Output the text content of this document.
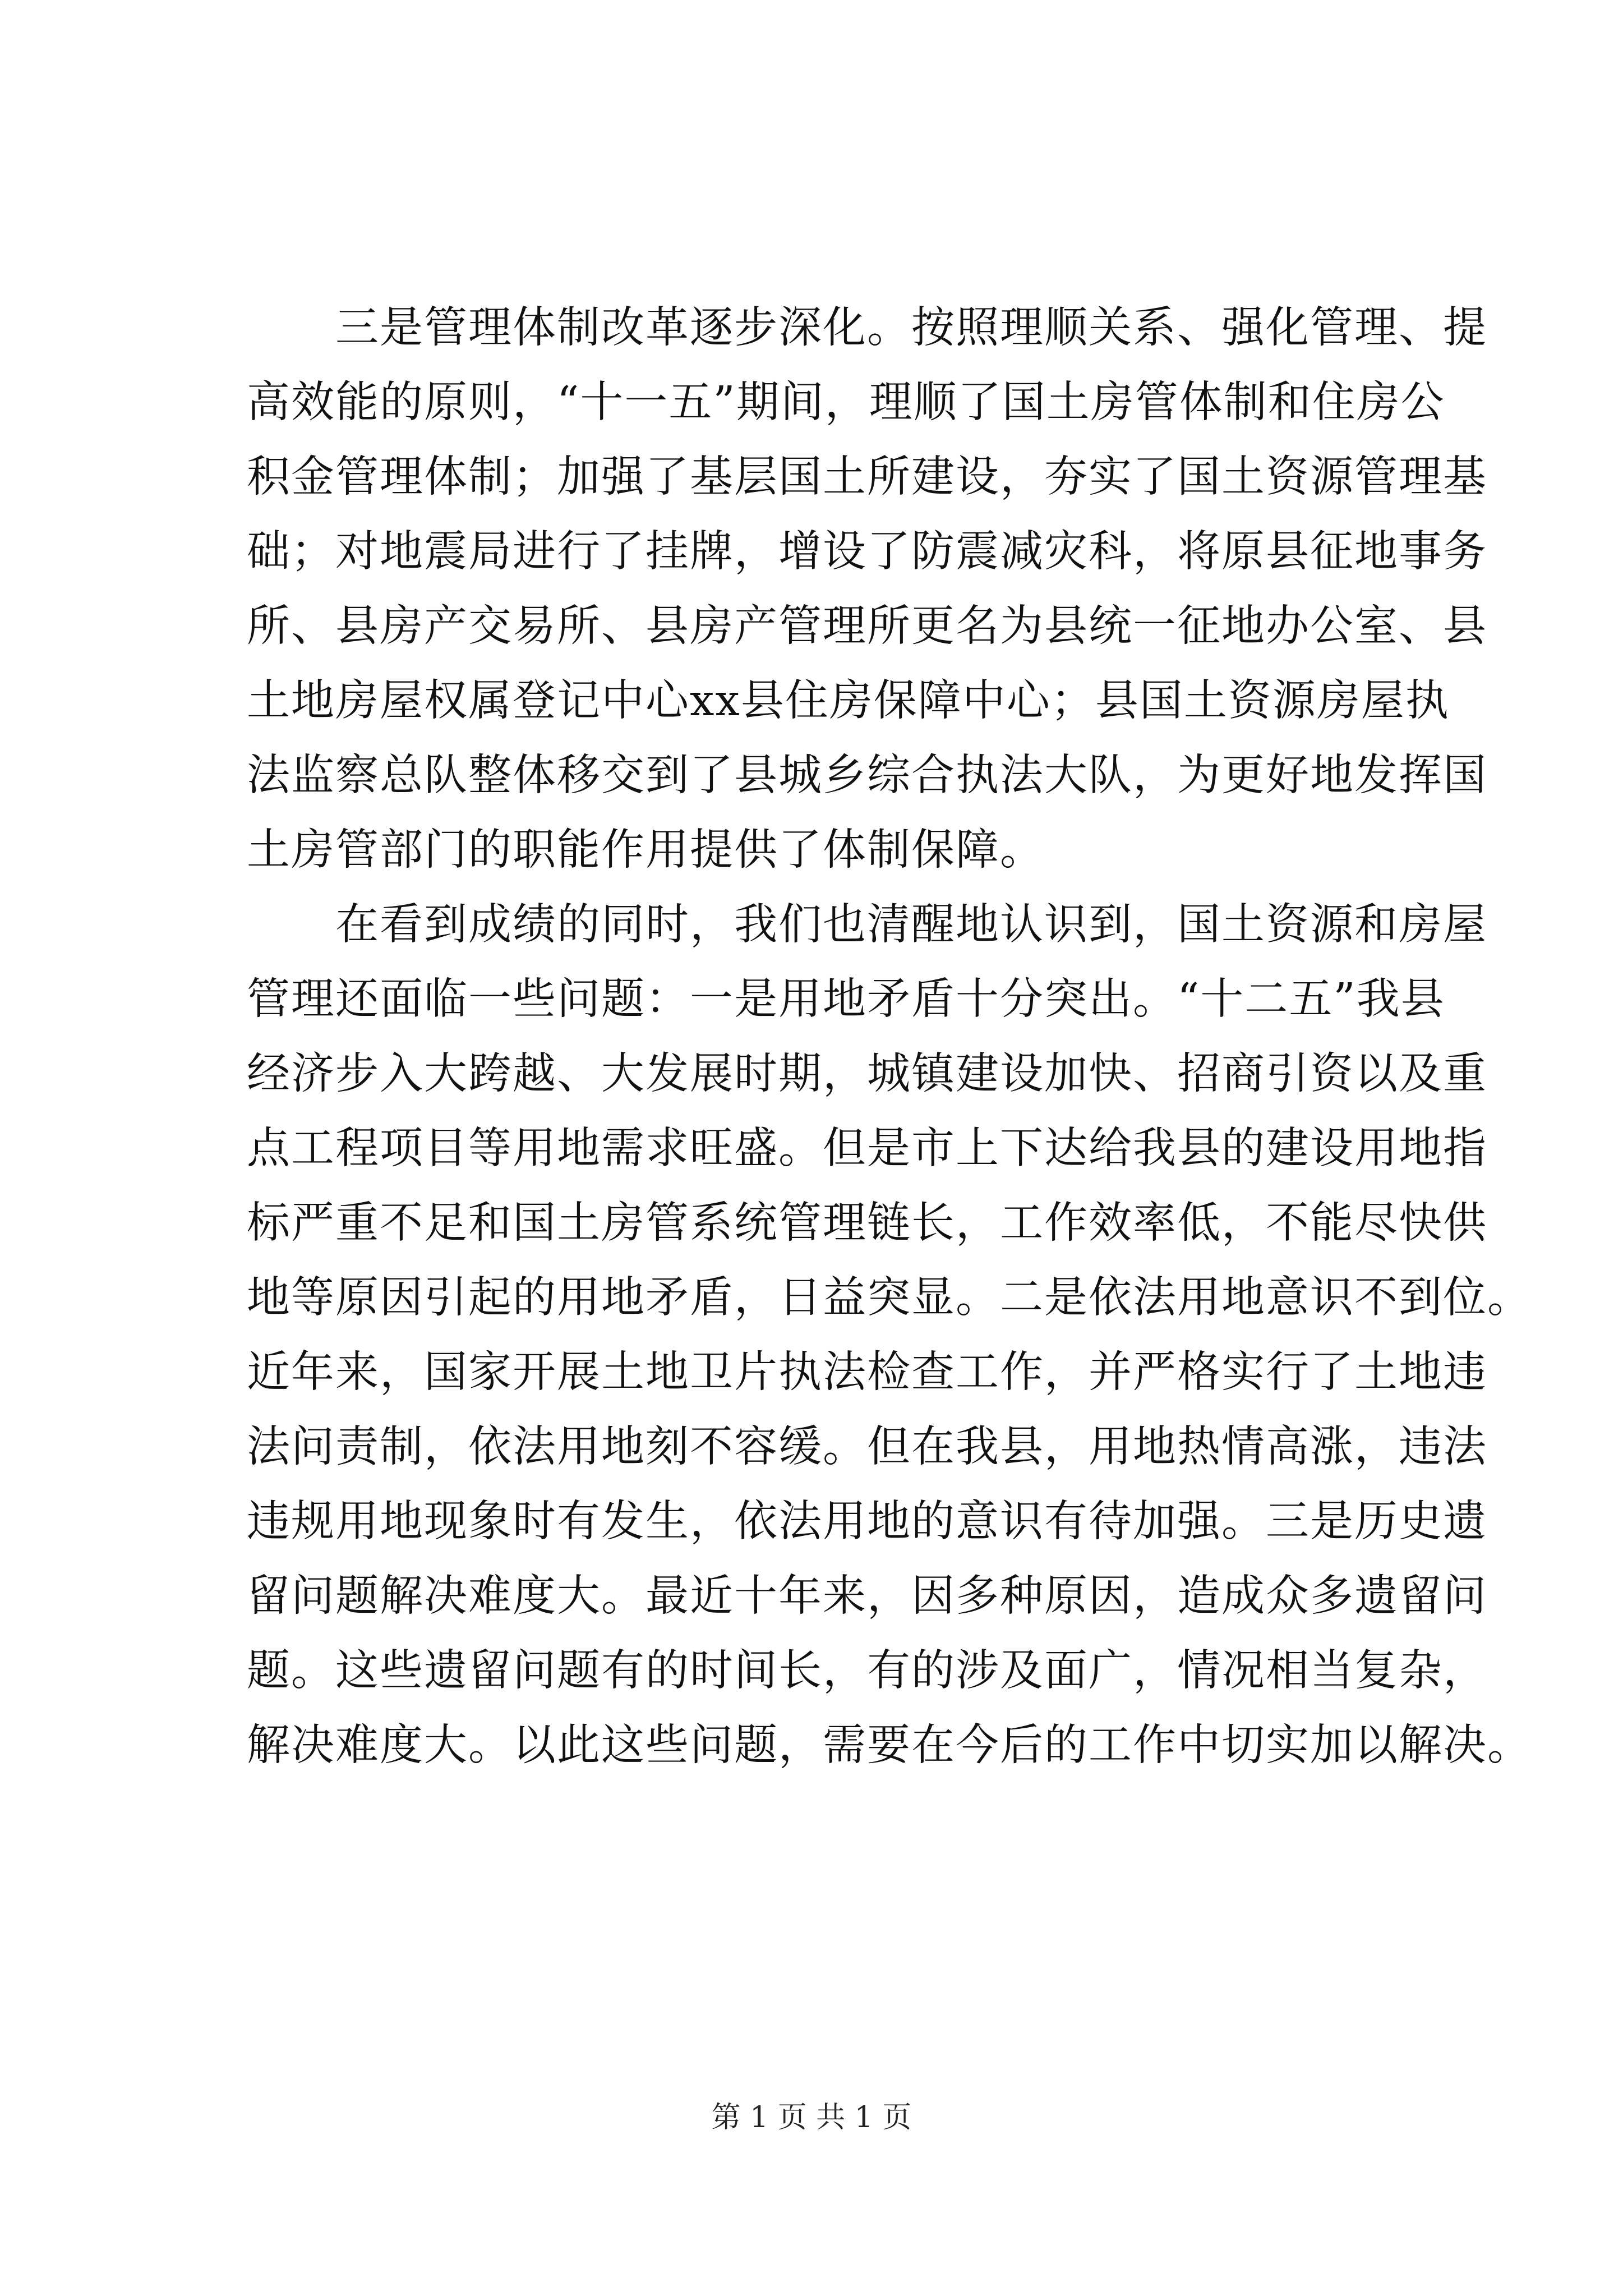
　　三是管理体制改革逐步深化。按照理顺关系、强化管理、提
高效能的原则，“十一五”期间，理顺了国土房管体制和住房公
积金管理体制；加强了基层国土所建设，夯实了国土资源管理基
础；对地震局进行了挂牌，增设了防震减灾科，将原县征地事务
所、县房产交易所、县房产管理所更名为县统一征地办公室、县
土地房屋权属登记中心xx县住房保障中心；县国土资源房屋执
法监察总队整体移交到了县城乡综合执法大队，为更好地发挥国
土房管部门的职能作用提供了体制保障。
　　在看到成绩的同时，我们也清醒地认识到，国土资源和房屋
管理还面临一些问题：一是用地矛盾十分突出。“十二五”我县
经济步入大跨越、大发展时期，城镇建设加快、招商引资以及重
点工程项目等用地需求旺盛。但是市上下达给我县的建设用地指
标严重不足和国土房管系统管理链长，工作效率低，不能尽快供
地等原因引起的用地矛盾，日益突显。二是依法用地意识不到位。
近年来，国家开展土地卫片执法检查工作，并严格实行了土地违
法问责制，依法用地刻不容缓。但在我县，用地热情高涨，违法
违规用地现象时有发生，依法用地的意识有待加强。三是历史遗
留问题解决难度大。最近十年来，因多种原因，造成众多遗留问
题。这些遗留问题有的时间长，有的涉及面广，情况相当复杂，
解决难度大。以此这些问题，需要在今后的工作中切实加以解决。
第 1 页 共 1 页
